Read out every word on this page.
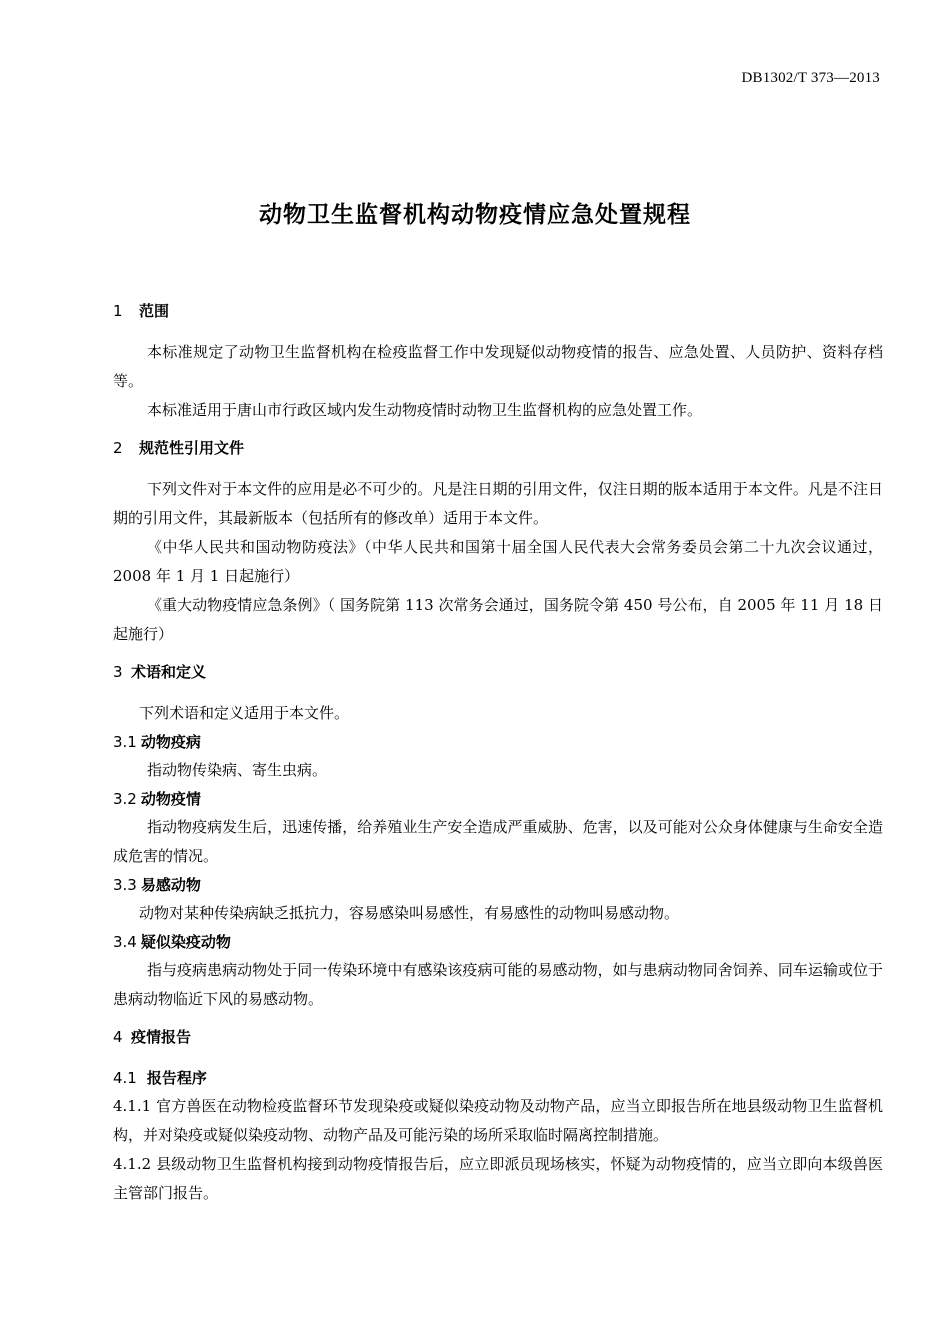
DB1302/T 373—2013
动物卫生监督机构动物疫情应急处置规程
1 范围

本标准规定了动物卫生监督机构在检疫监督工作中发现疑似动物疫情的报告、应急处置、人员防护、资料存档等。

本标准适用于唐山市行政区域内发生动物疫情时动物卫生监督机构的应急处置工作。

2 规范性引用文件

下列文件对于本文件的应用是必不可少的。凡是注日期的引用文件，仅注日期的版本适用于本文件。凡是不注日期的引用文件，其最新版本（包括所有的修改单）适用于本文件。

《中华人民共和国动物防疫法》（中华人民共和国第十届全国人民代表大会常务委员会第二十九次会议通过，2008 年 1 月 1 日起施行）

《重大动物疫情应急条例》（ 国务院第 113 次常务会通过，国务院令第 450 号公布，自 2005 年 11 月 18 日起施行）

3 术语和定义

下列术语和定义适用于本文件。

3.1 动物疫病

指动物传染病、寄生虫病。

3.2 动物疫情

指动物疫病发生后，迅速传播，给养殖业生产安全造成严重威胁、危害，以及可能对公众身体健康与生命安全造成危害的情况。

3.3 易感动物

动物对某种传染病缺乏抵抗力，容易感染叫易感性，有易感性的动物叫易感动物。

3.4 疑似染疫动物

指与疫病患病动物处于同一传染环境中有感染该疫病可能的易感动物，如与患病动物同舍饲养、同车运输或位于患病动物临近下风的易感动物。

4 疫情报告
4.1 报告程序

4.1.1 官方兽医在动物检疫监督环节发现染疫或疑似染疫动物及动物产品，应当立即报告所在地县级动物卫生监督机构，并对染疫或疑似染疫动物、动物产品及可能污染的场所采取临时隔离控制措施。

4.1.2 县级动物卫生监督机构接到动物疫情报告后，应立即派员现场核实，怀疑为动物疫情的，应当立即向本级兽医主管部门报告。
